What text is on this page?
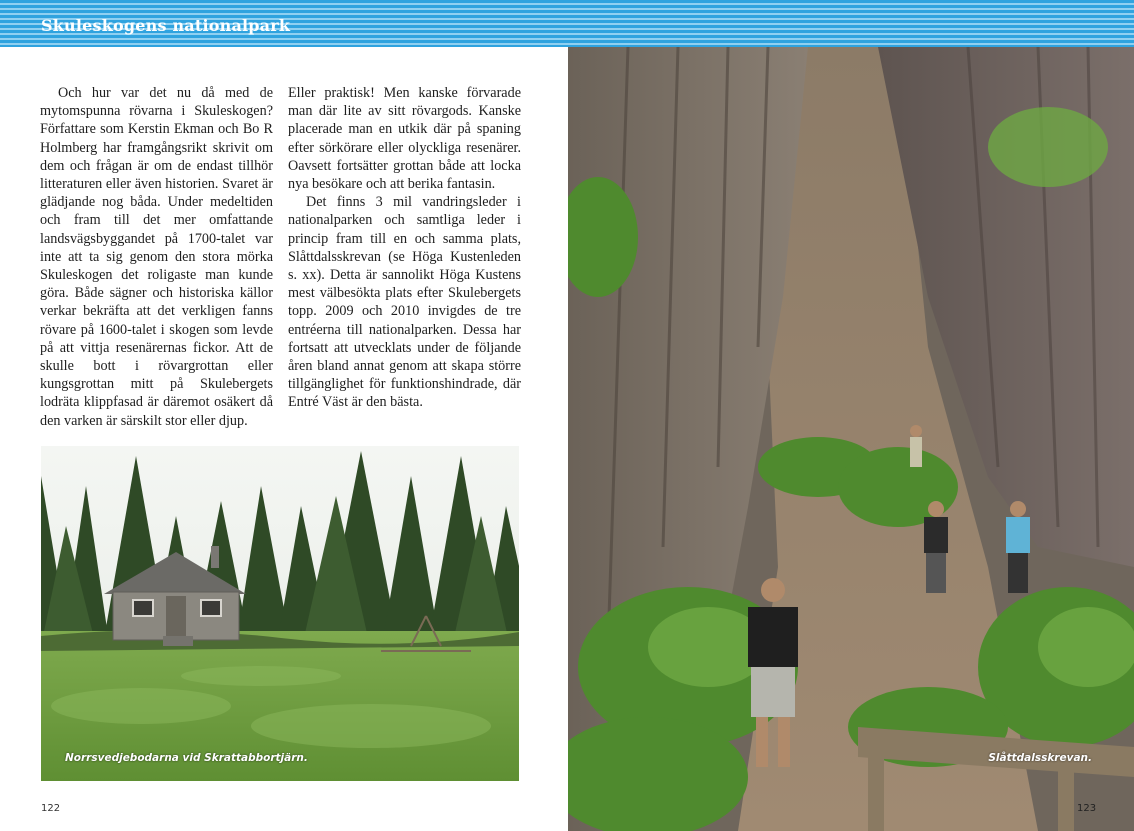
Skuleskogens nationalpark

Och hur var det nu då med de mytomspunna rövarna i Skuleskogen? Författare som Kerstin Ekman och Bo R Holmberg har framgångsrikt skrivit om dem och frågan är om de endast tillhör litteraturen eller även historien. Svaret är glädjande nog båda. Under medeltiden och fram till det mer omfattande landsvägsbyggandet på 1700-talet var inte att ta sig genom den stora mörka Skuleskogen det roligaste man kunde göra. Både sägner och historiska källor verkar bekräfta att det verkligen fanns rövare på 1600-talet i skogen som levde på att vittja resenärernas fickor. Att de skulle bott i rövargrottan eller kungsgrottan mitt på Skulebergets lodräta klippfasad är däremot osäkert då den varken är särskilt stor eller djup.

Eller praktisk! Men kanske förvarade man där lite av sitt rövargods. Kanske placerade man en utkik där på spaning efter sörkörare eller olyckliga resenärer. Oavsett fortsätter grottan både att locka nya besökare och att berika fantasin.

Det finns 3 mil vandringsleder i nationalparken och samtliga leder i princip fram till en och samma plats, Slåttdalsskrevan (se Höga Kustenleden s. xx). Detta är sannolikt Höga Kustens mest välbesökta plats efter Skulebergets topp. 2009 och 2010 invigdes de tre entréerna till nationalparken. Dessa har fortsatt att utvecklats under de följande åren bland annat genom att skapa större tillgänglighet för funktionshindrade, där Entré Väst är den bästa.

Norrsvedjebodarna vid Skrattabbortjärn.	Slåttdalsskrevan.
122	123
